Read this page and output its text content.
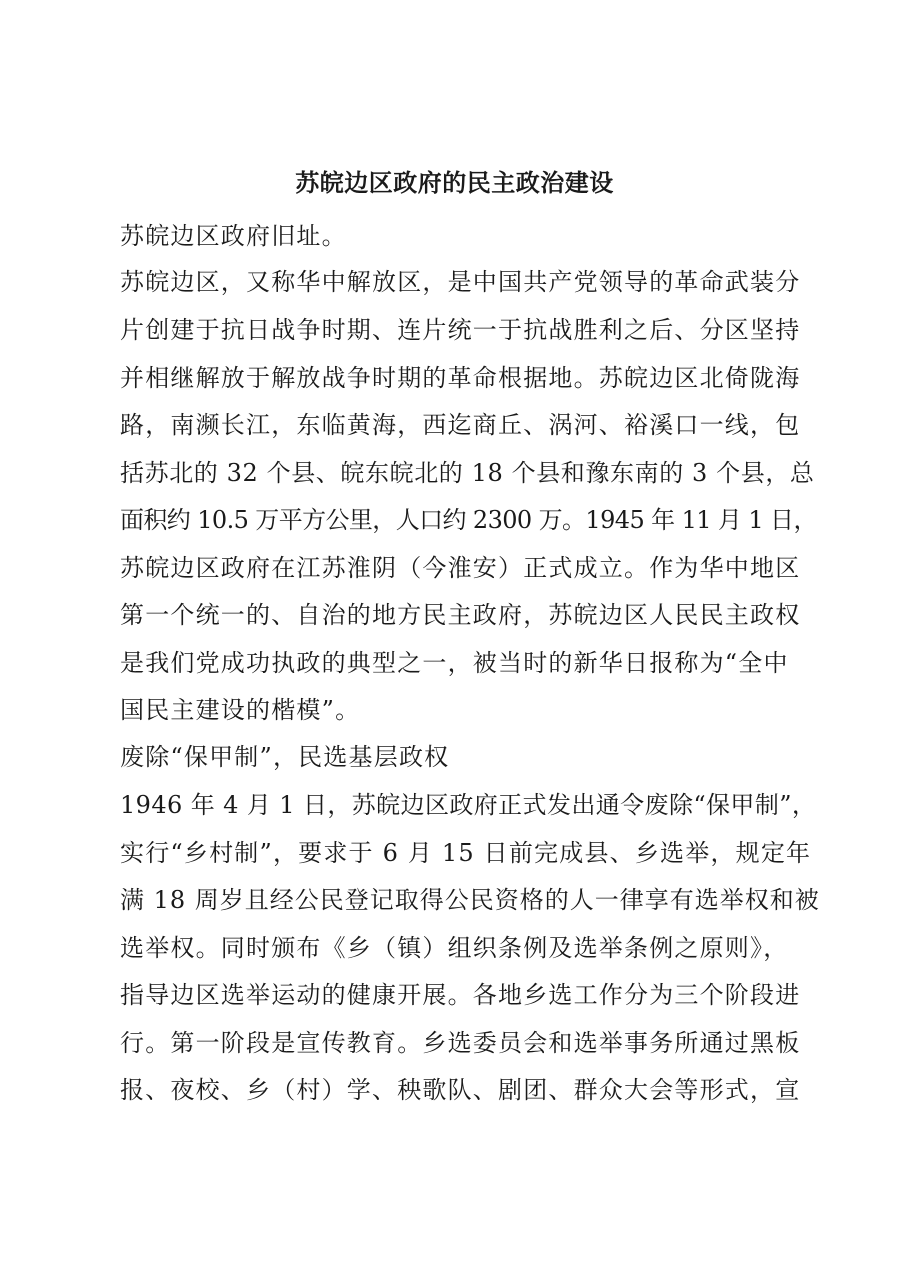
苏皖边区政府的民主政治建设
苏皖边区政府旧址。
苏皖边区，又称华中解放区，是中国共产党领导的革命武装分
片创建于抗日战争时期、连片统一于抗战胜利之后、分区坚持
并相继解放于解放战争时期的革命根据地。苏皖边区北倚陇海
路，南濒长江，东临黄海，西迄商丘、涡河、裕溪口一线，包
括苏北的 32 个县、皖东皖北的 18 个县和豫东南的 3 个县，总
面积约 10.5 万平方公里，人口约 2300 万。1945 年 11 月 1 日，
苏皖边区政府在江苏淮阴（今淮安）正式成立。作为华中地区
第一个统一的、自治的地方民主政府，苏皖边区人民民主政权
是我们党成功执政的典型之一，被当时的新华日报称为“全中
国民主建设的楷模”。
废除“保甲制”，民选基层政权
1946 年 4 月 1 日，苏皖边区政府正式发出通令废除“保甲制”，
实行“乡村制”，要求于 6 月 15 日前完成县、乡选举，规定年
满 18 周岁且经公民登记取得公民资格的人一律享有选举权和被
选举权。同时颁布《乡（镇）组织条例及选举条例之原则》，
指导边区选举运动的健康开展。各地乡选工作分为三个阶段进
行。第一阶段是宣传教育。乡选委员会和选举事务所通过黑板
报、夜校、乡（村）学、秧歌队、剧团、群众大会等形式，宣
